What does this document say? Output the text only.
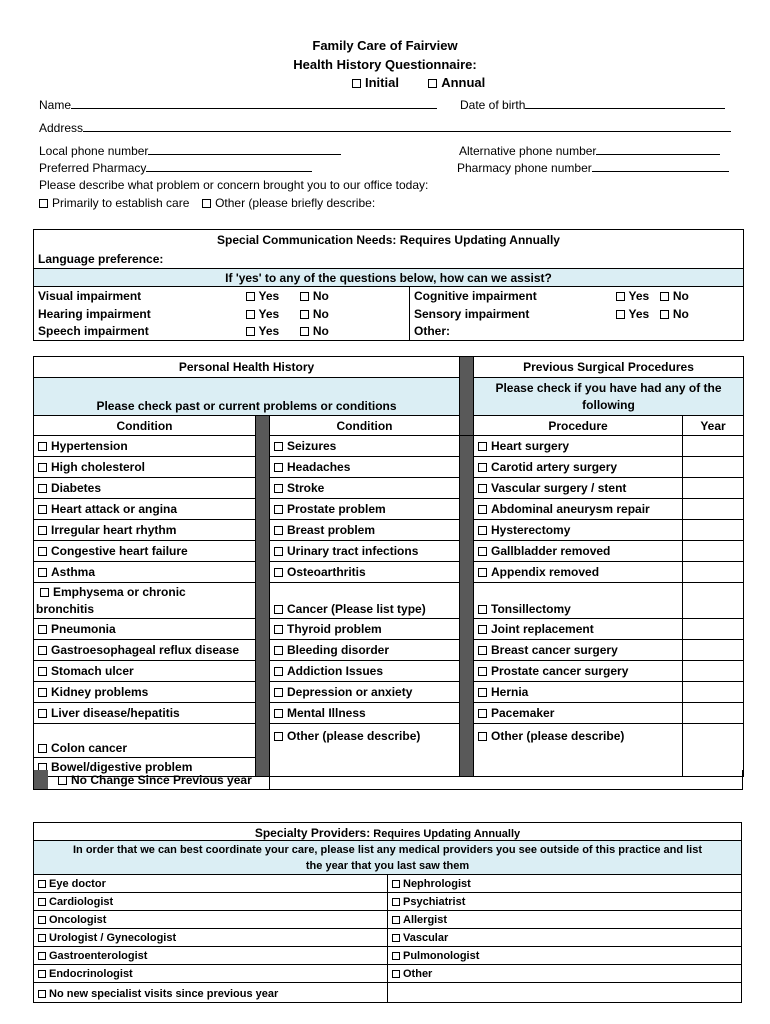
Family Care of Fairview
Health History Questionnaire:
Initial	Annual
Name	Date of birth
Address
Local phone number	Alternative phone number
Preferred Pharmacy	Pharmacy phone number
Please describe what problem or concern brought you to our office today:
Primarily to establish care Other (please briefly describe:
Special Communication Needs: Requires Updating Annually			
Language preference:			
If 'yes' to any of the questions below, how can we assist?			
Visual impairment	Yes No	Cognitive impairment	Yes No
Hearing impairment	Yes No	Sensory impairment	Yes No
Speech impairment	Yes No	Other:	
Personal Health History				Previous Surgical Procedures	
Please check past or current problems or conditions				Please check if you have had any of the following	
Condition		Condition		Procedure	Year
Hypertension		Seizures		Heart surgery	
High cholesterol		Headaches		Carotid artery surgery	
Diabetes		Stroke		Vascular surgery / stent	
Heart attack or angina		Prostate problem		Abdominal aneurysm repair	
Irregular heart rhythm		Breast problem		Hysterectomy	
Congestive heart failure		Urinary tract infections		Gallbladder removed	
Asthma		Osteoarthritis		Appendix removed	
Emphysema or chronic
bronchitis		Cancer (Please list type)		Tonsillectomy	
Pneumonia		Thyroid problem		Joint replacement	
Gastroesophageal reflux disease		Bleeding disorder		Breast cancer surgery	
Stomach ulcer		Addiction Issues		Prostate cancer surgery	
Kidney problems		Depression or anxiety		Hernia	
Liver disease/hepatitis		Mental Illness		Pacemaker	
Colon cancer		Other (please describe)		Other (please describe)	
Bowel/digestive problem					
No Change Since Previous year
Specialty Providers: Requires Updating Annually	
In order that we can best coordinate your care, please list any medical providers you see outside of this practice and list
the year that you last saw them	
Eye doctor	Nephrologist
Cardiologist	Psychiatrist
Oncologist	Allergist
Urologist / Gynecologist	Vascular
Gastroenterologist	Pulmonologist
Endocrinologist	Other
No new specialist visits since previous year	
